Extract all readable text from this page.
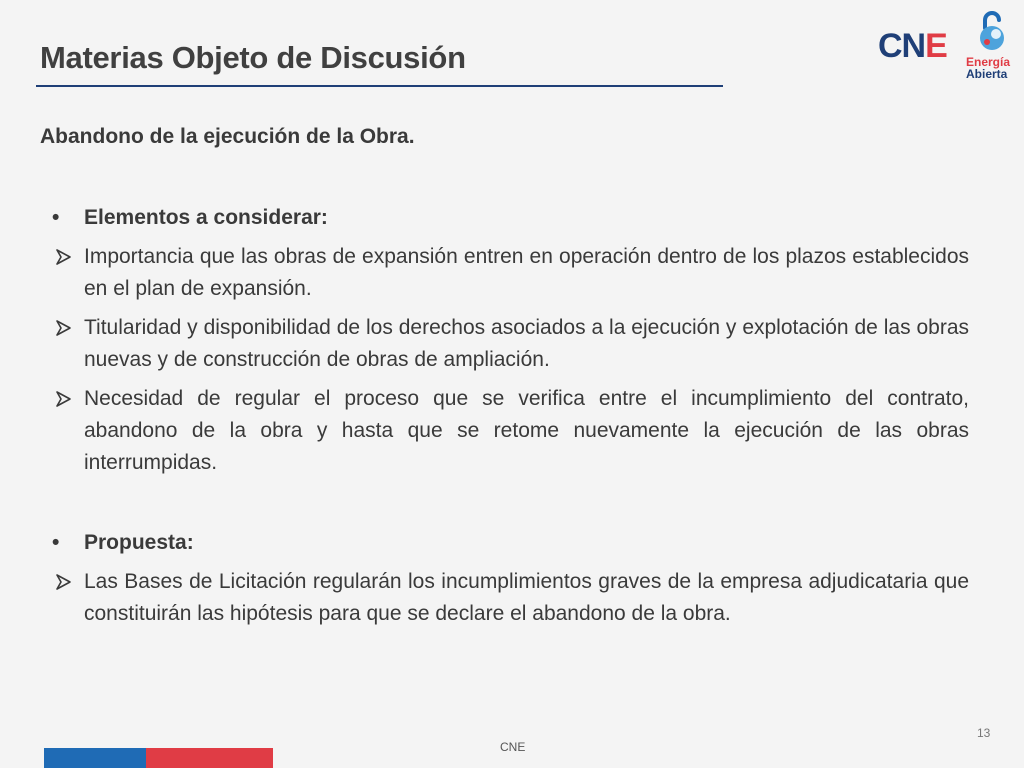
Materias Objeto de Discusión	CNE Energía
Abierta
Abandono de la ejecución de la Obra.
• Elementos a considerar:
Importancia que las obras de expansión entren en operación dentro de los plazos establecidos en el plan de expansión.
Titularidad y disponibilidad de los derechos asociados a la ejecución y explotación de las obras nuevas y de construcción de obras de ampliación.
Necesidad de regular el proceso que se verifica entre el incumplimiento del contrato, abandono de la obra y hasta que se retome nuevamente la ejecución de las obras interrumpidas.
• Propuesta:
Las Bases de Licitación regularán los incumplimientos graves de la empresa adjudicataria que constituirán las hipótesis para que se declare el abandono de la obra.
CNE
13
